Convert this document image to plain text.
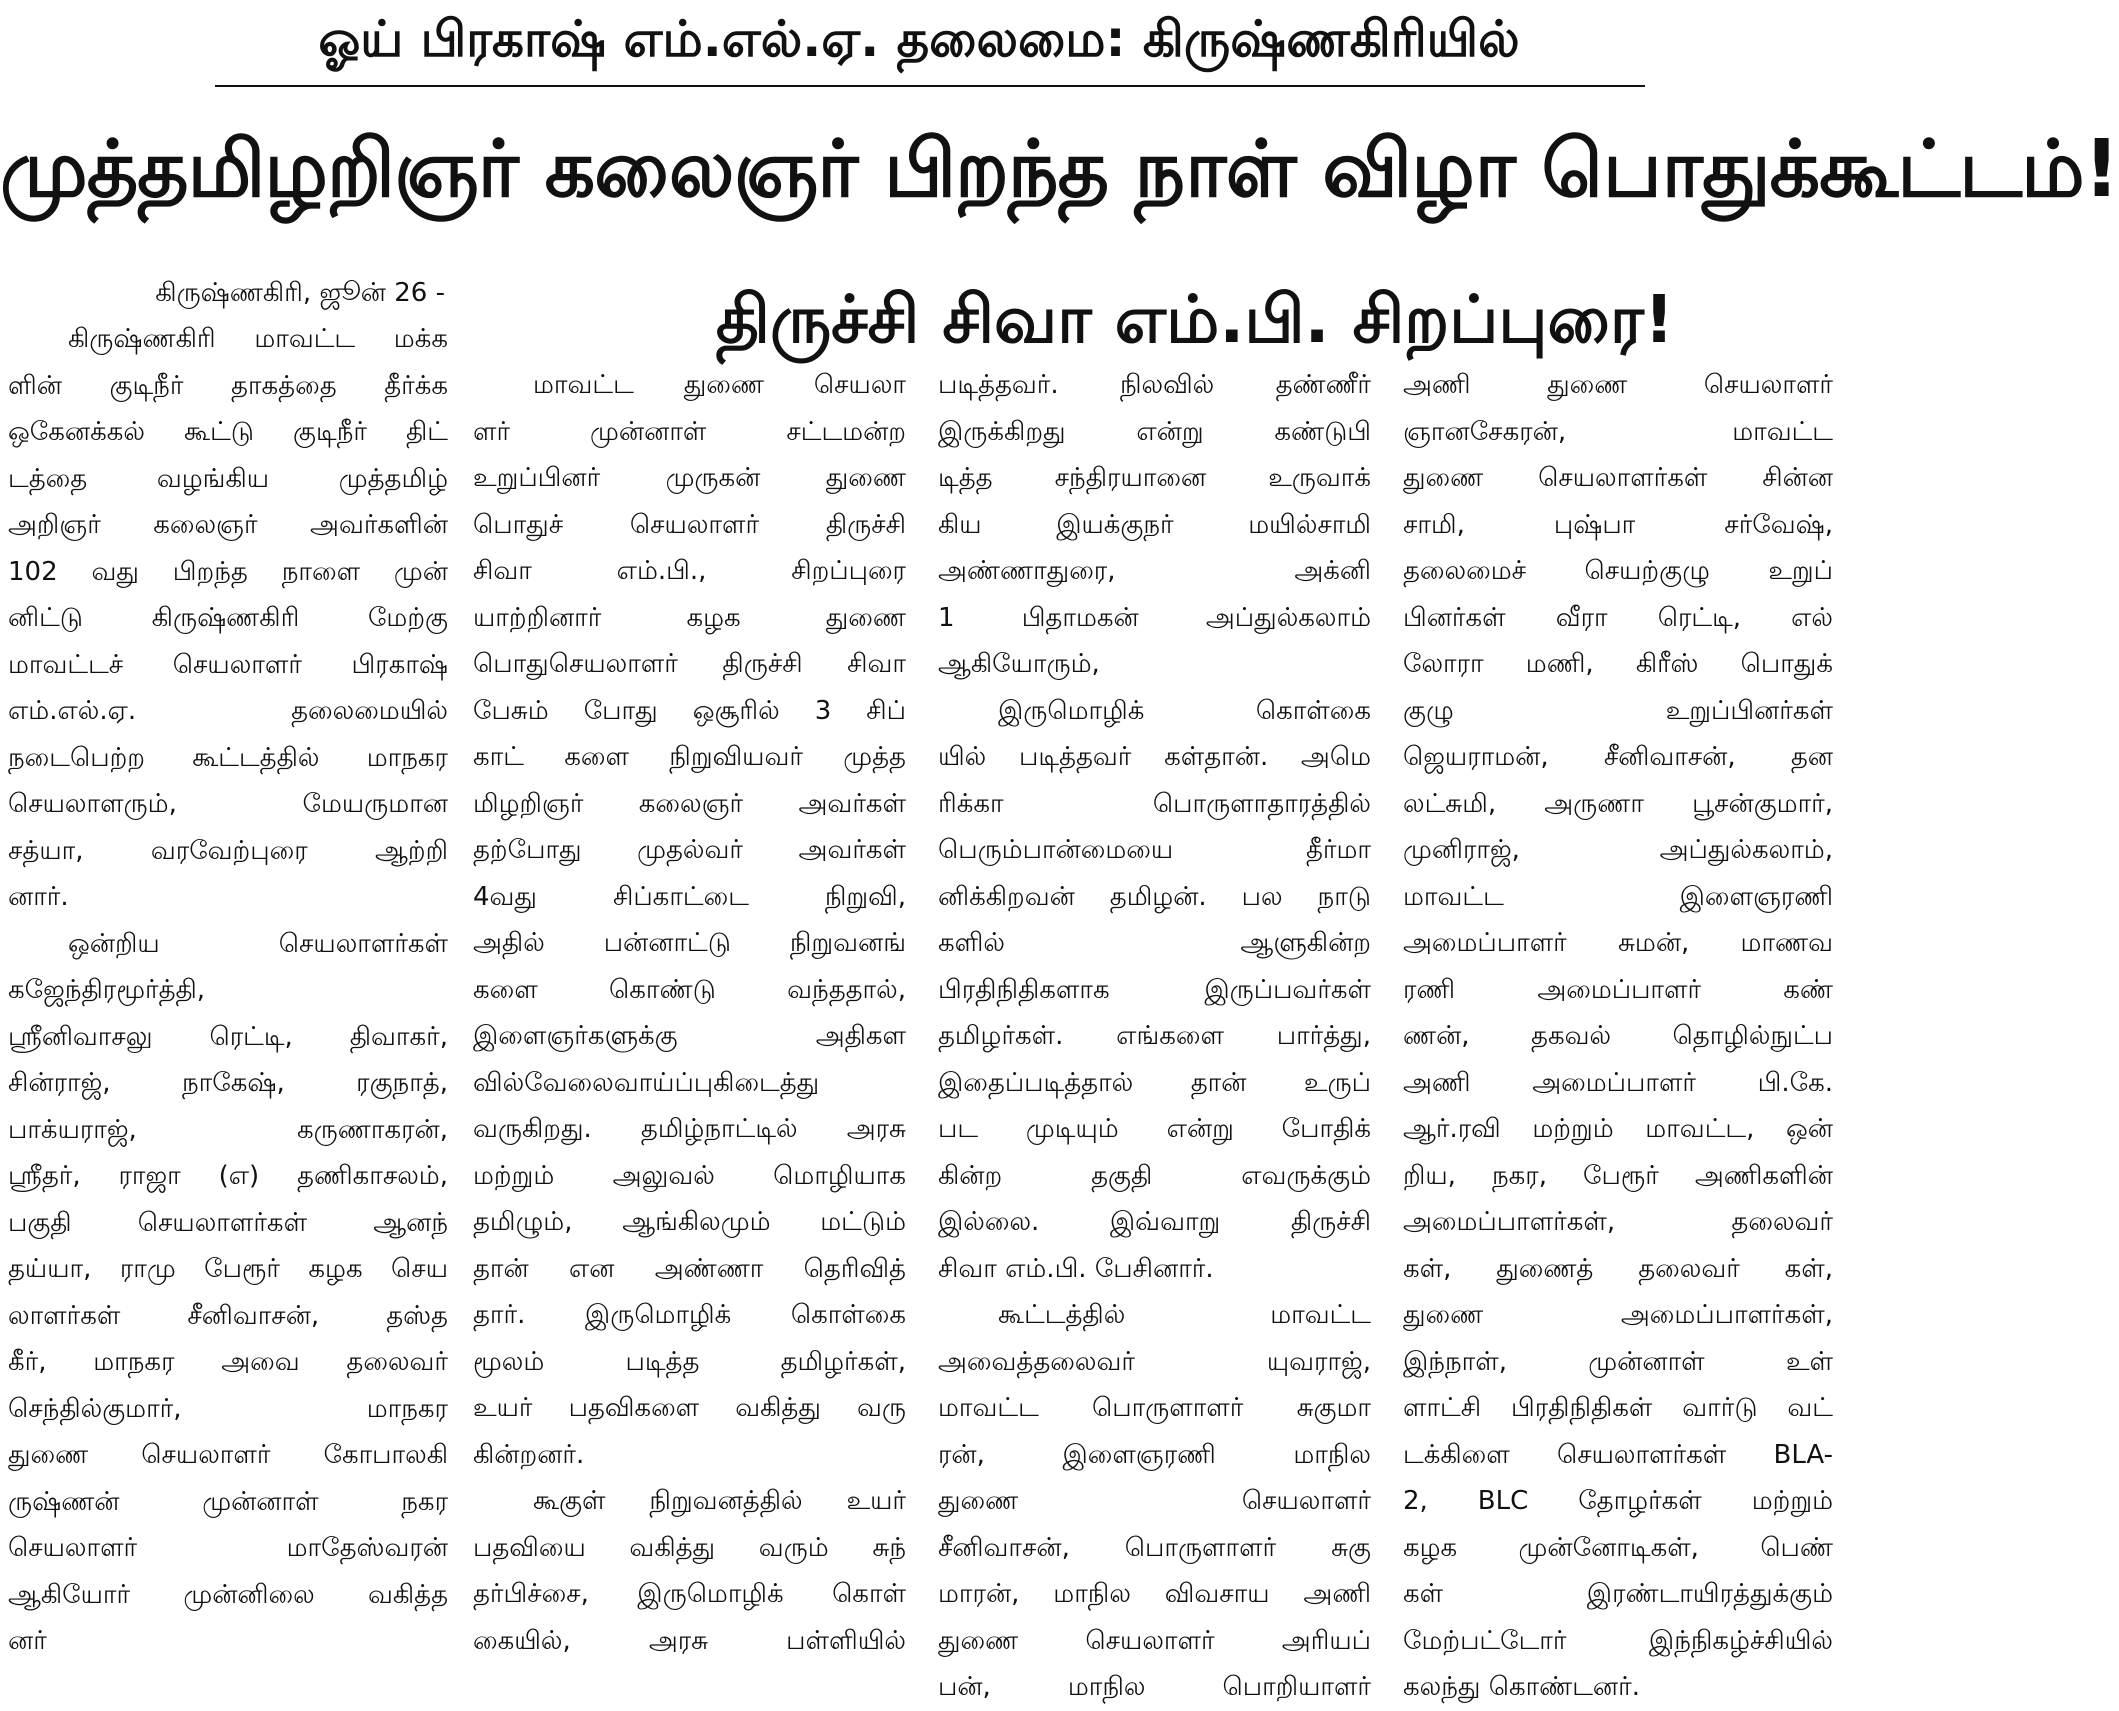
ஓய் பிரகாஷ் எம்.எல்.ஏ. தலைமை: கிருஷ்ணகிரியில்
முத்தமிழறிஞர் கலைஞர் பிறந்த நாள் விழா பொதுக்கூட்டம்!
திருச்சி சிவா எம்.பி. சிறப்புரை!
கிருஷ்ணகிரி, ஜூன் 26 -
கிருஷ்ணகிரி மாவட்ட மக்க
ளின் குடிநீர் தாகத்தை தீர்க்க
ஒகேனக்கல் கூட்டு குடிநீர் திட்
டத்தை வழங்கிய முத்தமிழ்
அறிஞர் கலைஞர் அவர்களின்
102 வது பிறந்த நாளை முன்
னிட்டு கிருஷ்ணகிரி மேற்கு
மாவட்டச் செயலாளர் பிரகாஷ்
எம்.எல்.ஏ. தலைமையில்
நடைபெற்ற கூட்டத்தில் மாநகர
செயலாளரும், மேயருமான
சத்யா, வரவேற்புரை ஆற்றி
னார்.
ஒன்றிய செயலாளர்கள்
கஜேந்திரமூர்த்தி,
ஸ்ரீனிவாசலு ரெட்டி, திவாகர்,
சின்ராஜ், நாகேஷ், ரகுநாத்,
பாக்யராஜ், கருணாகரன்,
ஸ்ரீதர், ராஜா (எ) தணிகாசலம்,
பகுதி செயலாளர்கள் ஆனந்
தய்யா, ராமு பேரூர் கழக செய
லாளர்கள் சீனிவாசன், தஸ்த
கீர், மாநகர அவை தலைவர்
செந்தில்குமார், மாநகர
துணை செயலாளர் கோபாலகி
ருஷ்ணன் முன்னாள் நகர
செயலாளர் மாதேஸ்வரன்
ஆகியோர் முன்னிலை வகித்த
னர்
மாவட்ட துணை செயலா
ளர் முன்னாள் சட்டமன்ற
உறுப்பினர் முருகன் துணை
பொதுச் செயலாளர் திருச்சி
சிவா எம்.பி., சிறப்புரை
யாற்றினார் கழக துணை
பொதுசெயலாளர் திருச்சி சிவா
பேசும் போது ஒசூரில் 3 சிப்
காட் களை நிறுவியவர் முத்த
மிழறிஞர் கலைஞர் அவர்கள்
தற்போது முதல்வர் அவர்கள்
4வது சிப்காட்டை நிறுவி,
அதில் பன்னாட்டு நிறுவனங்
களை கொண்டு வந்ததால்,
இளைஞர்களுக்கு அதிகள
வில்வேலைவாய்ப்புகிடைத்து
வருகிறது. தமிழ்நாட்டில் அரசு
மற்றும் அலுவல் மொழியாக
தமிழும், ஆங்கிலமும் மட்டும்
தான் என அண்ணா தெரிவித்
தார். இருமொழிக் கொள்கை
மூலம் படித்த தமிழர்கள்,
உயர் பதவிகளை வகித்து வரு
கின்றனர்.
கூகுள் நிறுவனத்தில் உயர்
பதவியை வகித்து வரும் சுந்
தர்பிச்சை, இருமொழிக் கொள்
கையில், அரசு பள்ளியில்
படித்தவர். நிலவில் தண்ணீர்
இருக்கிறது என்று கண்டுபி
டித்த சந்திரயானை உருவாக்
கிய இயக்குநர் மயில்சாமி
அண்ணாதுரை, அக்னி
1 பிதாமகன் அப்துல்கலாம்
ஆகியோரும்,
இருமொழிக் கொள்கை
யில் படித்தவர் கள்தான். அமெ
ரிக்கா பொருளாதாரத்தில்
பெரும்பான்மையை தீர்மா
னிக்கிறவன் தமிழன். பல நாடு
களில் ஆளுகின்ற
பிரதிநிதிகளாக இருப்பவர்கள்
தமிழர்கள். எங்களை பார்த்து,
இதைப்படித்தால் தான் உருப்
பட முடியும் என்று போதிக்
கின்ற தகுதி எவருக்கும்
இல்லை. இவ்வாறு திருச்சி
சிவா எம்.பி. பேசினார்.
கூட்டத்தில் மாவட்ட
அவைத்தலைவர் யுவராஜ்,
மாவட்ட பொருளாளர் சுகுமா
ரன், இளைஞரணி மாநில
துணை செயலாளர்
சீனிவாசன், பொருளாளர் சுகு
மாரன், மாநில விவசாய அணி
துணை செயலாளர் அரியப்
பன், மாநில பொறியாளர்
அணி துணை செயலாளர்
ஞானசேகரன், மாவட்ட
துணை செயலாளர்கள் சின்ன
சாமி, புஷ்பா சர்வேஷ்,
தலைமைச் செயற்குழு உறுப்
பினர்கள் வீரா ரெட்டி, எல்
லோரா மணி, கிரீஸ் பொதுக்
குழு உறுப்பினர்கள்
ஜெயராமன், சீனிவாசன், தன
லட்சுமி, அருணா பூசன்குமார்,
முனிராஜ், அப்துல்கலாம்,
மாவட்ட இளைஞரணி
அமைப்பாளர் சுமன், மாணவ
ரணி அமைப்பாளர் கண்
ணன், தகவல் தொழில்நுட்ப
அணி அமைப்பாளர் பி.கே.
ஆர்.ரவி மற்றும் மாவட்ட, ஒன்
றிய, நகர, பேரூர் அணிகளின்
அமைப்பாளர்கள், தலைவர்
கள், துணைத் தலைவர் கள்,
துணை அமைப்பாளர்கள்,
இந்நாள், முன்னாள் உள்
ளாட்சி பிரதிநிதிகள் வார்டு வட்
டக்கிளை செயலாளர்கள் BLA-
2, BLC தோழர்கள் மற்றும்
கழக முன்னோடிகள், பெண்
கள் இரண்டாயிரத்துக்கும்
மேற்பட்டோர் இந்நிகழ்ச்சியில்
கலந்து கொண்டனர்.
